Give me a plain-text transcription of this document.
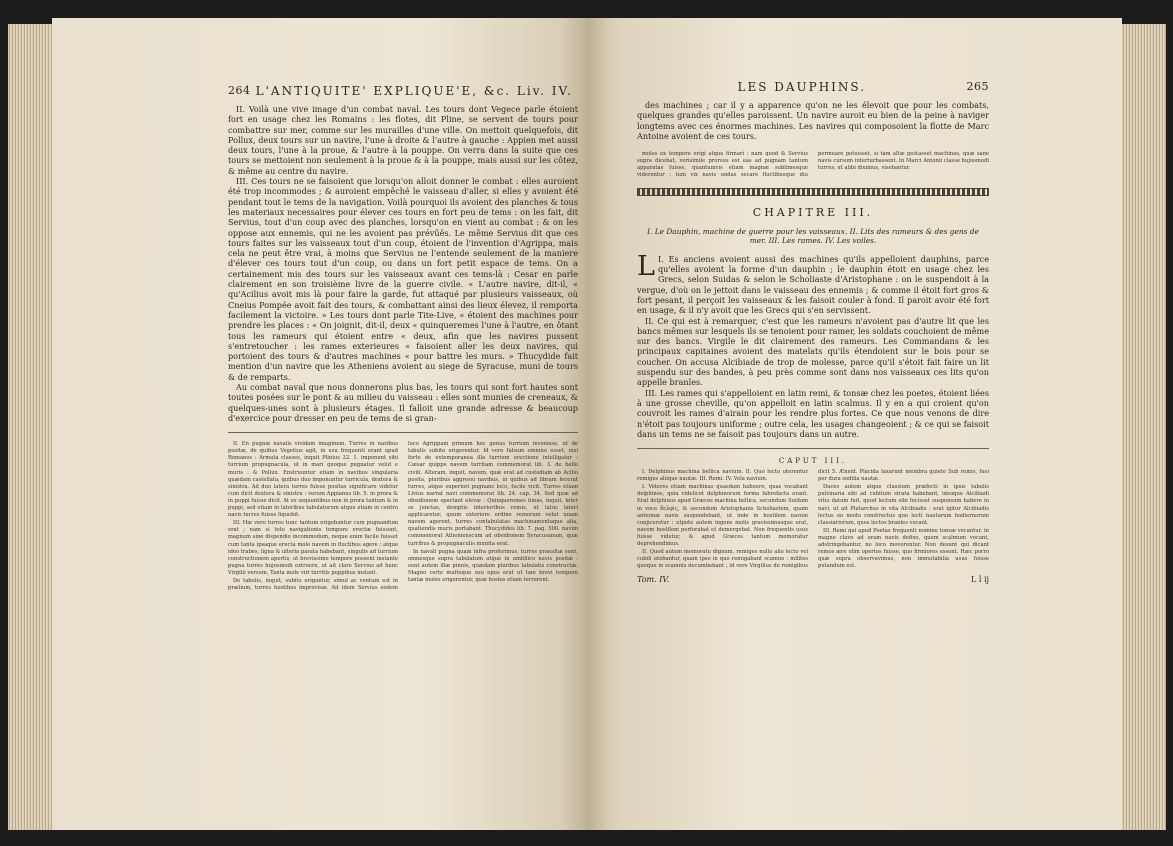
264 L'ANTIQUITE' EXPLIQUE'E, &c. Liv. IV.

II. Voilà une vive image d'un combat naval. Les tours dont Vegece parle étoient fort en usage chez les Romains : les flotes, dit Pline, se servent de tours pour combattre sur mer, comme sur les murailles d'une ville. On mettoit quelquefois, dit Pollux, deux tours sur un navire, l'une à droite & l'autre à gauche : Appien met aussi deux tours, l'une à la proue, & l'autre à la pouppe. On verra dans la suite que ces tours se mettoient non seulement à la proue & à la pouppe, mais aussi sur les côtez, & même au centre du navire.

III. Ces tours ne se faisoient que lorsqu'on alloit donner le combat : elles auroient été trop incommodes ; & auroient empêché le vaisseau d'aller, si elles y avoient été pendant tout le tems de la navigation. Voilà pourquoi ils avoient des planches & tous les materiaux necessaires pour élever ces tours en fort peu de tems : on les fait, dit Servius, tout d'un coup avec des planches, lorsqu'on en vient au combat : & on les oppose aux ennemis, qui ne les avoient pas prévûës. Le même Servius dit que ces tours faites sur les vaisseaux tout d'un coup, étoient de l'invention d'Agrippa, mais cela ne peut être vrai, à moins que Servius ne l'entende seulement de la maniere d'élever ces tours tout d'un coup, ou dans un fort petit espace de tems. On a certainement mis des tours sur les vaisseaux avant ces tems-là : Cesar en parle clairement en son troisième livre de la guerre civile. « L'autre navire, dit-il, « qu'Acilius avoit mis là pour faire la garde, fut attaqué par plusieurs vaisseaux, où Cneius Pompée avoit fait des tours, & combattant ainsi des lieux élevez, il remporta facilement la victoire. » Les tours dont parle Tite-Live, « étoient des machines pour prendre les places : « On joignit, dit-il, deux « quinqueremes l'une à l'autre, en ôtant tous les rameurs qui étoient entre « deux, afin que les navires pussent s'entretoucher : les rames exterieures « faisoient aller les deux navires, qui portoient des tours & d'autres machines « pour battre les murs. » Thucydide fait mention d'un navire que les Atheniens avoient au siege de Syracuse, muni de tours & de remparts.

Au combat naval que nous donnerons plus bas, les tours qui sont fort hautes sont toutes posées sur le pont & au milieu du vaisseau : elles sont munies de creneaux, & quelques-unes sont à plusieurs étages. Il falloit une grande adresse & beaucoup d'exercice pour dresser en peu de tems de si gran-

II. En pugnæ navalis vividam imaginem. Turres in navibus positæ, de quibus Vegetius agit, in usu frequenti erant apud Romanos : Armata classes, inquit Plinius 32. 1. imponunt sibi turrium propugnacula, ut in mari quoque pugnatur velut e muris : & Pollux. Enstruuntur etiam in navibus singularia quædam castellata, quibus duo imponuntur turricula, dextera & sinistra. Ad duo latera turres fuisse positas significare videtur cum dicit dextera & sinistra : verum Appianus lib. 5. in prora & in puppi fuisse dicit. At ex sequentibus non in prora tantum & in puppi, sed etiam in lateribus tabulatorum atque etiam in centro navis turres fuisse liquebit.

III. Hæ vero turres tunc tantum erigebantur cum pugnandum erat ; nam si toto navigationis tempore erectæ fuissent, magnum sine dispendio incommodum, neque enim facile fuisset cum tanta ipsaque erecta mole navem in fluctibus agere ; atque ideo trabes, ligna & ulteria parata habebant, singulis ad turrium constructionem apertis, ut brevissimo tempore possent instante pugna turres hujusmodi extruere, ut ait clare Servius ad hunc Virgilii versum, Tanta mole viri turritis puppibus instant.

De tabulis, inquit, subito eriguntur, simul ac ventum est in prælium, turres hostibus improvisæ. Ait idem Servius eodem loco Agrippam primum hoc genus turrium invenisse, ut de tabulis subito erigerentur. Id vero falsum omnino esset, nisi forte de extemporanea illa turrium erectione intelligatur : Cæsar quippe navem turritam commemorat lib. 3. de bello civili. Alteram, inquit, navem, quæ erat ad custodiam ab Acilio posita, pluribus aggressi navibus, in quibus ad libram fecerat turres, atque superiori pugnans loco, facile vicit. Turres etiam Livius narrat navi commemorat lib. 24. cap. 34. Sed quæ ad obsidionem spectant elevæ : Quinqueremes binas, inquit, inter se junctas, demptis interioribus remis, ut latus lateri applicaretur, quum exteriore ordine remorum velut unam navem agerent, turres contabulatas machinamentaque alia, quatiendis muris portabant. Thucydides lib. 7. pag. 500. navim commemorat Athenienscum ad obsidionem Syracusanam, quæ turribus & propugnaculis munita erat.

In navali pugna quam infra proferimus, turres praealtæ sunt, omnesque supra tabulatum atque in umbilico navis positæ : sunt autem illæ pinnis, quædam pluribus tabulatis constructæ. Magno certe multoque usu opus erat ut tam brevi tempore tantæ moles erigerentur, quæ hostes etiam terrerent.

LES DAUPHINS.	265

des machines ; car il y a apparence qu'on ne les élevoit que pour les combats, quelques grandes qu'elles paroissent. Un navire auroit eu bien de la peine à naviger longtems avec ces énormes machines. Les navires qui composoient la flotte de Marc Antoine avoient de ces tours.

moles ex tempore erigi atque firmari : nam quod & Servius supra dicebat, verisimile prorsus est eas ad pugnam tantum apparatas fuisse, quantumvis etiam magnæ sublimesque viderentur ; tum vix navis undas secare fluctibusque diu permeare potuisset, si tam altæ gestasset machinas, quæ sane navis cursum interturbassent. In Marci Antonii classe hujusmodi turres, ut alibi diximus, visebantur.

CHAPITRE III.
I. Le Dauphin, machine de guerre pour les vaisseaux. II. Lits des rameurs & des gens de mer. III. Les rames. IV. Les voiles.
L I. Es anciens avoient aussi des machines qu'ils appelloient dauphins, parce qu'elles avoient la forme d'un dauphin ; le dauphin étoit en usage chez les Grecs, selon Suidas & selon le Scholiaste d'Aristophane : on le suspendoit à la vergue, d'où on le jettoit dans le vaisseau des ennemis ; & comme il étoit fort gros & fort pesant, il perçoit les vaisseaux & les faisoit couler à fond. Il paroit avoir été fort en usage, & il n'y avoit que les Grecs qui s'en servissent.

II. Ce qui est à remarquer, c'est que les rameurs n'avoient pas d'autre lit que les bancs mêmes sur lesquels ils se tenoient pour ramer, les soldats couchoient de même sur des bancs. Virgile le dit clairement des rameurs. Les Commandans & les principaux capitaines avoient des matelats qu'ils étendoient sur le bois pour se coucher. On accusa Alcibiade de trop de molesse, parce qu'il s'étoit fait faire un lit suspendu sur des bandes, à peu près comme sont dans nos vaisseaux ces lits qu'on appelle branles.

III. Les rames qui s'appelloient en latin remi, & tonsæ chez les poetes, étoient liées à une grosse cheville, qu'on appelloit en latin scalmus. Il y en a qui croient qu'on couvroit les rames d'airain pour les rendre plus fortes. Ce que nous venons de dire n'étoit pas toujours uniforme ; outre cela, les usages changeoient ; & ce qui se faisoit dans un tems ne se faisoit pas toujours dans un autre.

CAPUT III.

I. Delphinus machina bellica navium. II. Quo lecto uterentur remiges aliique nautæ. III. Remi. IV. Vela navium.

I. Veteres etiam machinas quasdam habuere, quas vocabant delphinos, quia videlicet delphinorum forma fabrefacta erant. Erat delphinus apud Græcos machina bellica, secundum Suidam in voce δελφὶς, & secundum Aristophanis Scholiastem, quam antennæ navis suspendebant, ut inde in hostilem navem conjiceretur : utpote autem ingens molis gravissimusque erat, navem hostilem perforabat et demergebat. Non frequentis usus fuisse videtur, & apud Græcos tantum memoratur deprehendimus.

II. Quod autem memoratu dignum, remiges nullo alio lecto vel cubili utebantur, quam ipso in quo remigabant scamno : milites quoque in scamnis decumbebant ; id vero Virgilius de remigibus dicit 5. Æneid. Placida laxarunt membra quiete Sub remis, fusi per dura sedilia nautæ.

Duces autem atque classium præfecti in ipsis tabulis pulvinaria sibi ad cubitum strata habebant, ideoque Alcibiadi vitio datum fuit, quod lectum sibi fecisset suspensum habere in navi, ut ait Plutarchus in vita Alcibiadis : erat igitur Alcibiadis lectus eo modo constructus quo lecti nautarum hodiernorum classiariorum, quos lectos branles vocant.

III. Remi qui apud Poetas frequenti nomine tonsæ vocantur, in magno clavo ad oram navis defixo, quem scalmum vocant, adstringebantur, ne loco moverentur. Non desunt qui dicant remos ære olim opertos fuisse, quo firmiores essent. Hæc porro quæ supra observavimus, non immutabilia usus fuisse putandum est.

Tom. IV.	L l ij
